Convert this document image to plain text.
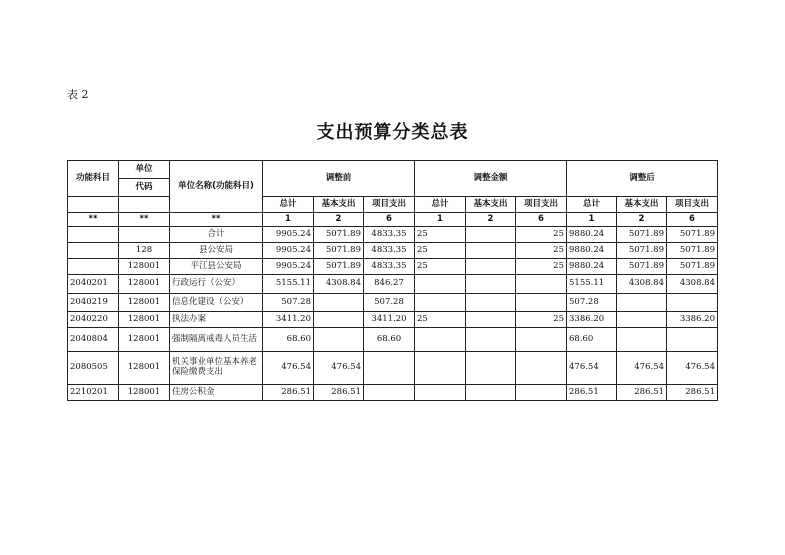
表 2
支出预算分类总表
功能科目	单位	单位名称(功能科目)	调整前			调整金额			调整后		
	代码										
			总计	基本支出	项目支出	总计	基本支出	项目支出	总计	基本支出	项目支出
**	**	**	1	2	6	1	2	6	1	2	6
		合计	9905.24	5071.89	4833.35	25		25	9880.24	5071.89	5071.89
	128	县公安局	9905.24	5071.89	4833.35	25		25	9880.24	5071.89	5071.89
	128001	平江县公安局	9905.24	5071.89	4833.35	25		25	9880.24	5071.89	5071.89
2040201	128001	行政运行（公安）	5155.11	4308.84	846.27				5155.11	4308.84	4308.84
2040219	128001	信息化建设（公安）	507.28		507.28				507.28		
2040220	128001	执法办案	3411.20		3411.20	25		25	3386.20		3386.20
2040804	128001	强制隔离戒毒人员生活	68.60		68.60				68.60		
2080505	128001	机关事业单位基本养老保险缴费支出	476.54	476.54					476.54	476.54	476.54
2210201	128001	住房公积金	286.51	286.51					286.51	286.51	286.51
